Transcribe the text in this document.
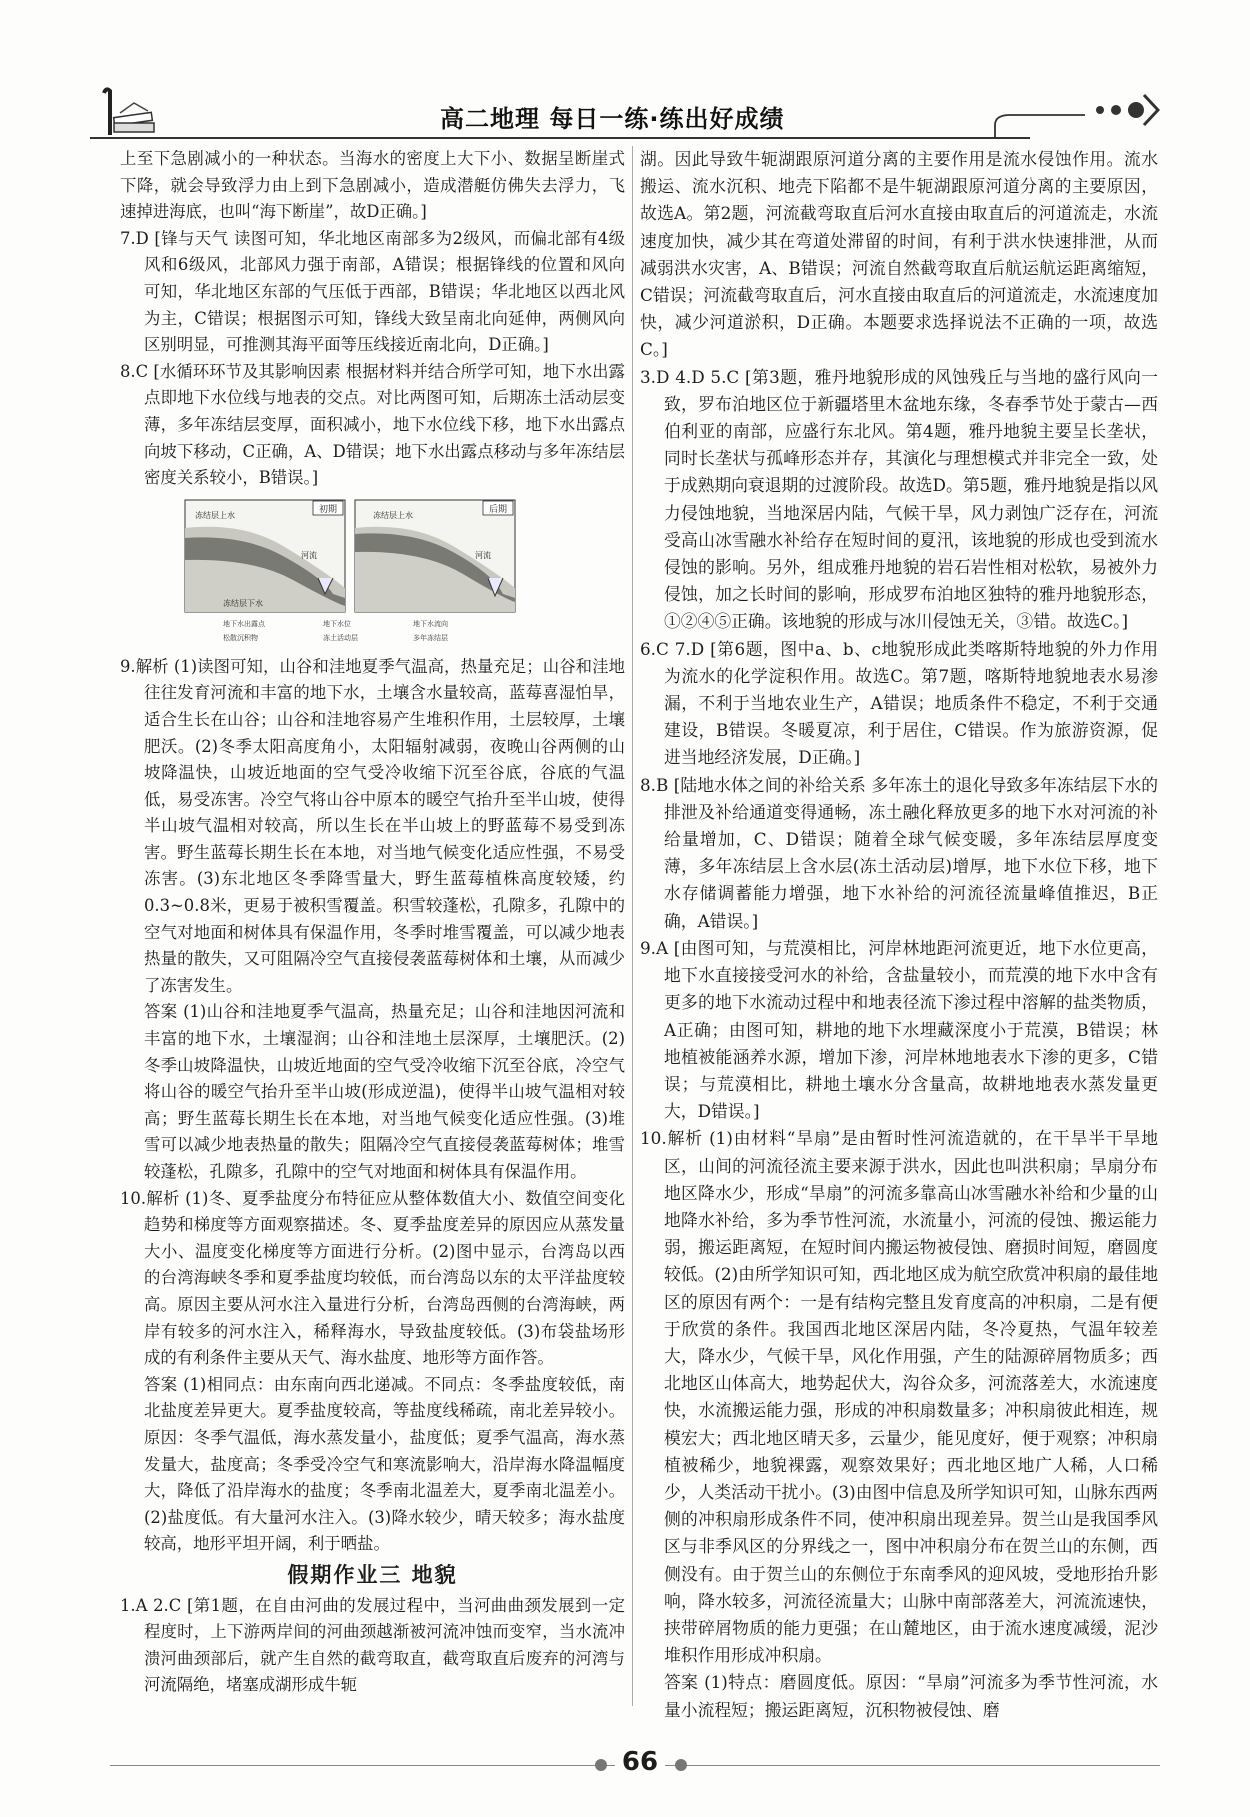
高二地理 每日一练·练出好成绩

上至下急剧减小的一种状态。当海水的密度上大下小、数据呈断崖式下降，就会导致浮力由上到下急剧减小，造成潜艇仿佛失去浮力，飞速掉进海底，也叫“海下断崖”，故D正确。]

7.D [锋与天气 读图可知，华北地区南部多为2级风，而偏北部有4级风和6级风，北部风力强于南部，A错误；根据锋线的位置和风向可知，华北地区东部的气压低于西部，B错误；华北地区以西北风为主，C错误；根据图示可知，锋线大致呈南北向延伸，两侧风向区别明显，可推测其海平面等压线接近南北向，D正确。]

8.C [水循环环节及其影响因素 根据材料并结合所学可知，地下水出露点即地下水位线与地表的交点。对比两图可知，后期冻土活动层变薄，多年冻结层变厚，面积减小，地下水位线下移，地下水出露点向坡下移动，C正确，A、D错误；地下水出露点移动与多年冻结层密度关系较小，B错误。]

初期	后期
冻结层上水	冻结层上水
河流	河流
冻结层下水
地下水出露点	地下水位	地下水流向
松散沉积物	冻土活动层	多年冻结层

9.解析 (1)读图可知，山谷和洼地夏季气温高，热量充足；山谷和洼地往往发育河流和丰富的地下水，土壤含水量较高，蓝莓喜湿怕旱，适合生长在山谷；山谷和洼地容易产生堆积作用，土层较厚，土壤肥沃。(2)冬季太阳高度角小，太阳辐射减弱，夜晚山谷两侧的山坡降温快，山坡近地面的空气受冷收缩下沉至谷底，谷底的气温低，易受冻害。冷空气将山谷中原本的暖空气抬升至半山坡，使得半山坡气温相对较高，所以生长在半山坡上的野蓝莓不易受到冻害。野生蓝莓长期生长在本地，对当地气候变化适应性强，不易受冻害。(3)东北地区冬季降雪量大，野生蓝莓植株高度较矮，约0.3~0.8米，更易于被积雪覆盖。积雪较蓬松，孔隙多，孔隙中的空气对地面和树体具有保温作用，冬季时堆雪覆盖，可以减少地表热量的散失，又可阻隔冷空气直接侵袭蓝莓树体和土壤，从而减少了冻害发生。

答案 (1)山谷和洼地夏季气温高，热量充足；山谷和洼地因河流和丰富的地下水，土壤湿润；山谷和洼地土层深厚，土壤肥沃。(2)冬季山坡降温快，山坡近地面的空气受冷收缩下沉至谷底，冷空气将山谷的暖空气抬升至半山坡(形成逆温)，使得半山坡气温相对较高；野生蓝莓长期生长在本地，对当地气候变化适应性强。(3)堆雪可以减少地表热量的散失；阻隔冷空气直接侵袭蓝莓树体；堆雪较蓬松，孔隙多，孔隙中的空气对地面和树体具有保温作用。

10.解析 (1)冬、夏季盐度分布特征应从整体数值大小、数值空间变化趋势和梯度等方面观察描述。冬、夏季盐度差异的原因应从蒸发量大小、温度变化梯度等方面进行分析。(2)图中显示，台湾岛以西的台湾海峡冬季和夏季盐度均较低，而台湾岛以东的太平洋盐度较高。原因主要从河水注入量进行分析，台湾岛西侧的台湾海峡，两岸有较多的河水注入，稀释海水，导致盐度较低。(3)布袋盐场形成的有利条件主要从天气、海水盐度、地形等方面作答。

答案 (1)相同点：由东南向西北递减。不同点：冬季盐度较低，南北盐度差异更大。夏季盐度较高，等盐度线稀疏，南北差异较小。原因：冬季气温低，海水蒸发量小，盐度低；夏季气温高，海水蒸发量大，盐度高；冬季受冷空气和寒流影响大，沿岸海水降温幅度大，降低了沿岸海水的盐度；冬季南北温差大，夏季南北温差小。(2)盐度低。有大量河水注入。(3)降水较少，晴天较多；海水盐度较高，地形平坦开阔，利于晒盐。

假期作业三 地貌

1.A 2.C [第1题，在自由河曲的发展过程中，当河曲曲颈发展到一定程度时，上下游两岸间的河曲颈越渐被河流冲蚀而变窄，当水流冲溃河曲颈部后，就产生自然的截弯取直，截弯取直后废弃的河湾与河流隔绝，堵塞成湖形成牛轭

湖。因此导致牛轭湖跟原河道分离的主要作用是流水侵蚀作用。流水搬运、流水沉积、地壳下陷都不是牛轭湖跟原河道分离的主要原因，故选A。第2题，河流截弯取直后河水直接由取直后的河道流走，水流速度加快，减少其在弯道处滞留的时间，有利于洪水快速排泄，从而减弱洪水灾害，A、B错误；河流自然截弯取直后航运航运距离缩短，C错误；河流截弯取直后，河水直接由取直后的河道流走，水流速度加快，减少河道淤积，D正确。本题要求选择说法不正确的一项，故选C。]

3.D 4.D 5.C [第3题，雅丹地貌形成的风蚀残丘与当地的盛行风向一致，罗布泊地区位于新疆塔里木盆地东缘，冬春季节处于蒙古—西伯利亚的南部，应盛行东北风。第4题，雅丹地貌主要呈长垄状，同时长垄状与孤峰形态并存，其演化与理想模式并非完全一致，处于成熟期向衰退期的过渡阶段。故选D。第5题，雅丹地貌是指以风力侵蚀地貌，当地深居内陆，气候干旱，风力剥蚀广泛存在，河流受高山冰雪融水补给存在短时间的夏汛，该地貌的形成也受到流水侵蚀的影响。另外，组成雅丹地貌的岩石岩性相对松软，易被外力侵蚀，加之长时间的影响，形成罗布泊地区独特的雅丹地貌形态，①②④⑤正确。该地貌的形成与冰川侵蚀无关，③错。故选C。]

6.C 7.D [第6题，图中a、b、c地貌形成此类喀斯特地貌的外力作用为流水的化学淀积作用。故选C。第7题，喀斯特地貌地表水易渗漏，不利于当地农业生产，A错误；地质条件不稳定，不利于交通建设，B错误。冬暖夏凉，利于居住，C错误。作为旅游资源，促进当地经济发展，D正确。]

8.B [陆地水体之间的补给关系 多年冻土的退化导致多年冻结层下水的排泄及补给通道变得通畅，冻土融化释放更多的地下水对河流的补给量增加，C、D错误；随着全球气候变暖，多年冻结层厚度变薄，多年冻结层上含水层(冻土活动层)增厚，地下水位下移，地下水存储调蓄能力增强，地下水补给的河流径流量峰值推迟，B正确，A错误。]

9.A [由图可知，与荒漠相比，河岸林地距河流更近，地下水位更高，地下水直接接受河水的补给，含盐量较小，而荒漠的地下水中含有更多的地下水流动过程中和地表径流下渗过程中溶解的盐类物质，A正确；由图可知，耕地的地下水埋藏深度小于荒漠，B错误；林地植被能涵养水源，增加下渗，河岸林地地表水下渗的更多，C错误；与荒漠相比，耕地土壤水分含量高，故耕地地表水蒸发量更大，D错误。]

10.解析 (1)由材料“旱扇”是由暂时性河流造就的，在干旱半干旱地区，山间的河流径流主要来源于洪水，因此也叫洪积扇；旱扇分布地区降水少，形成“旱扇”的河流多靠高山冰雪融水补给和少量的山地降水补给，多为季节性河流，水流量小，河流的侵蚀、搬运能力弱，搬运距离短，在短时间内搬运物被侵蚀、磨损时间短，磨圆度较低。(2)由所学知识可知，西北地区成为航空欣赏冲积扇的最佳地区的原因有两个：一是有结构完整且发育度高的冲积扇，二是有便于欣赏的条件。我国西北地区深居内陆，冬冷夏热，气温年较差大，降水少，气候干旱，风化作用强，产生的陆源碎屑物质多；西北地区山体高大，地势起伏大，沟谷众多，河流落差大，水流速度快，水流搬运能力强，形成的冲积扇数量多；冲积扇彼此相连，规模宏大；西北地区晴天多，云量少，能见度好，便于观察；冲积扇植被稀少，地貌裸露，观察效果好；西北地区地广人稀，人口稀少，人类活动干扰小。(3)由图中信息及所学知识可知，山脉东西两侧的冲积扇形成条件不同，使冲积扇出现差异。贺兰山是我国季风区与非季风区的分界线之一，图中冲积扇分布在贺兰山的东侧，西侧没有。由于贺兰山的东侧位于东南季风的迎风坡，受地形抬升影响，降水较多，河流径流量大；山脉中南部落差大，河流流速快，挟带碎屑物质的能力更强；在山麓地区，由于流水速度减缓，泥沙堆积作用形成冲积扇。

答案 (1)特点：磨圆度低。原因：“旱扇”河流多为季节性河流，水量小流程短；搬运距离短，沉积物被侵蚀、磨

66
